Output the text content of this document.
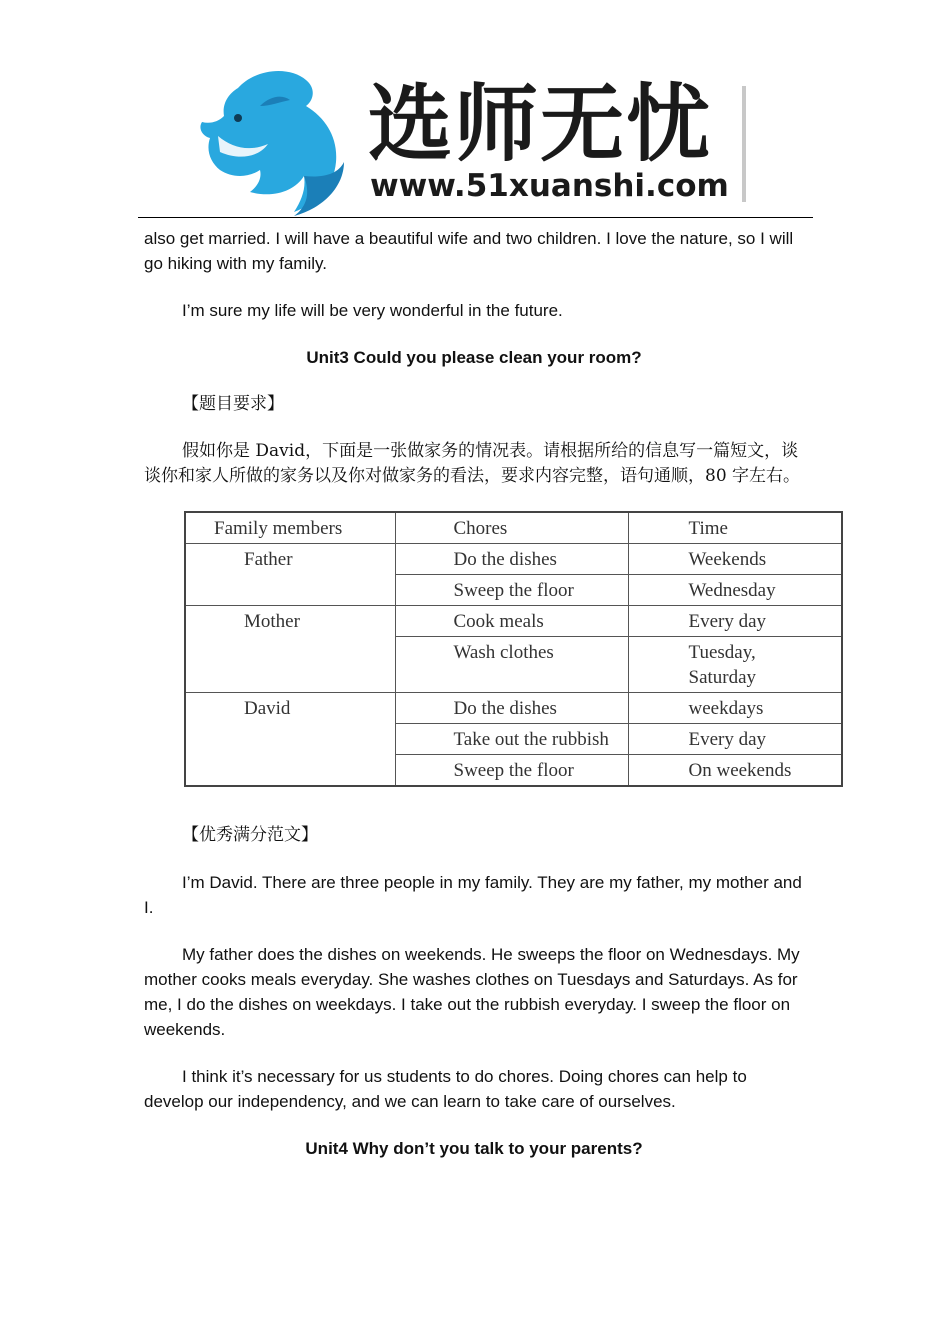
选师无忧
www.51xuanshi.com

also get married. I will have a beautiful wife and two children. I love the nature, so I will go hiking with my family.

I’m sure my life will be very wonderful in the future.

Unit3 Could you please clean your room?

【题目要求】

假如你是 David，下面是一张做家务的情况表。请根据所给的信息写一篇短文，谈谈你和家人所做的家务以及你对做家务的看法，要求内容完整，语句通顺，80 字左右。

Family members	Chores	Time
Father	Do the dishes	Weekends
	Sweep the floor	Wednesday
Mother	Cook meals	Every day
	Wash clothes	Tuesday,
Saturday

David	Do the dishes	weekdays
	Take out the rubbish	Every day
	Sweep the floor	On weekends

【优秀满分范文】

I’m David. There are three people in my family. They are my father, my mother and I.

My father does the dishes on weekends. He sweeps the floor on Wednesdays. My mother cooks meals everyday. She washes clothes on Tuesdays and Saturdays. As for me, I do the dishes on weekdays. I take out the rubbish everyday. I sweep the floor on weekends.

I think it’s necessary for us students to do chores. Doing chores can help to develop our independency, and we can learn to take care of ourselves.

Unit4 Why don’t you talk to your parents?
